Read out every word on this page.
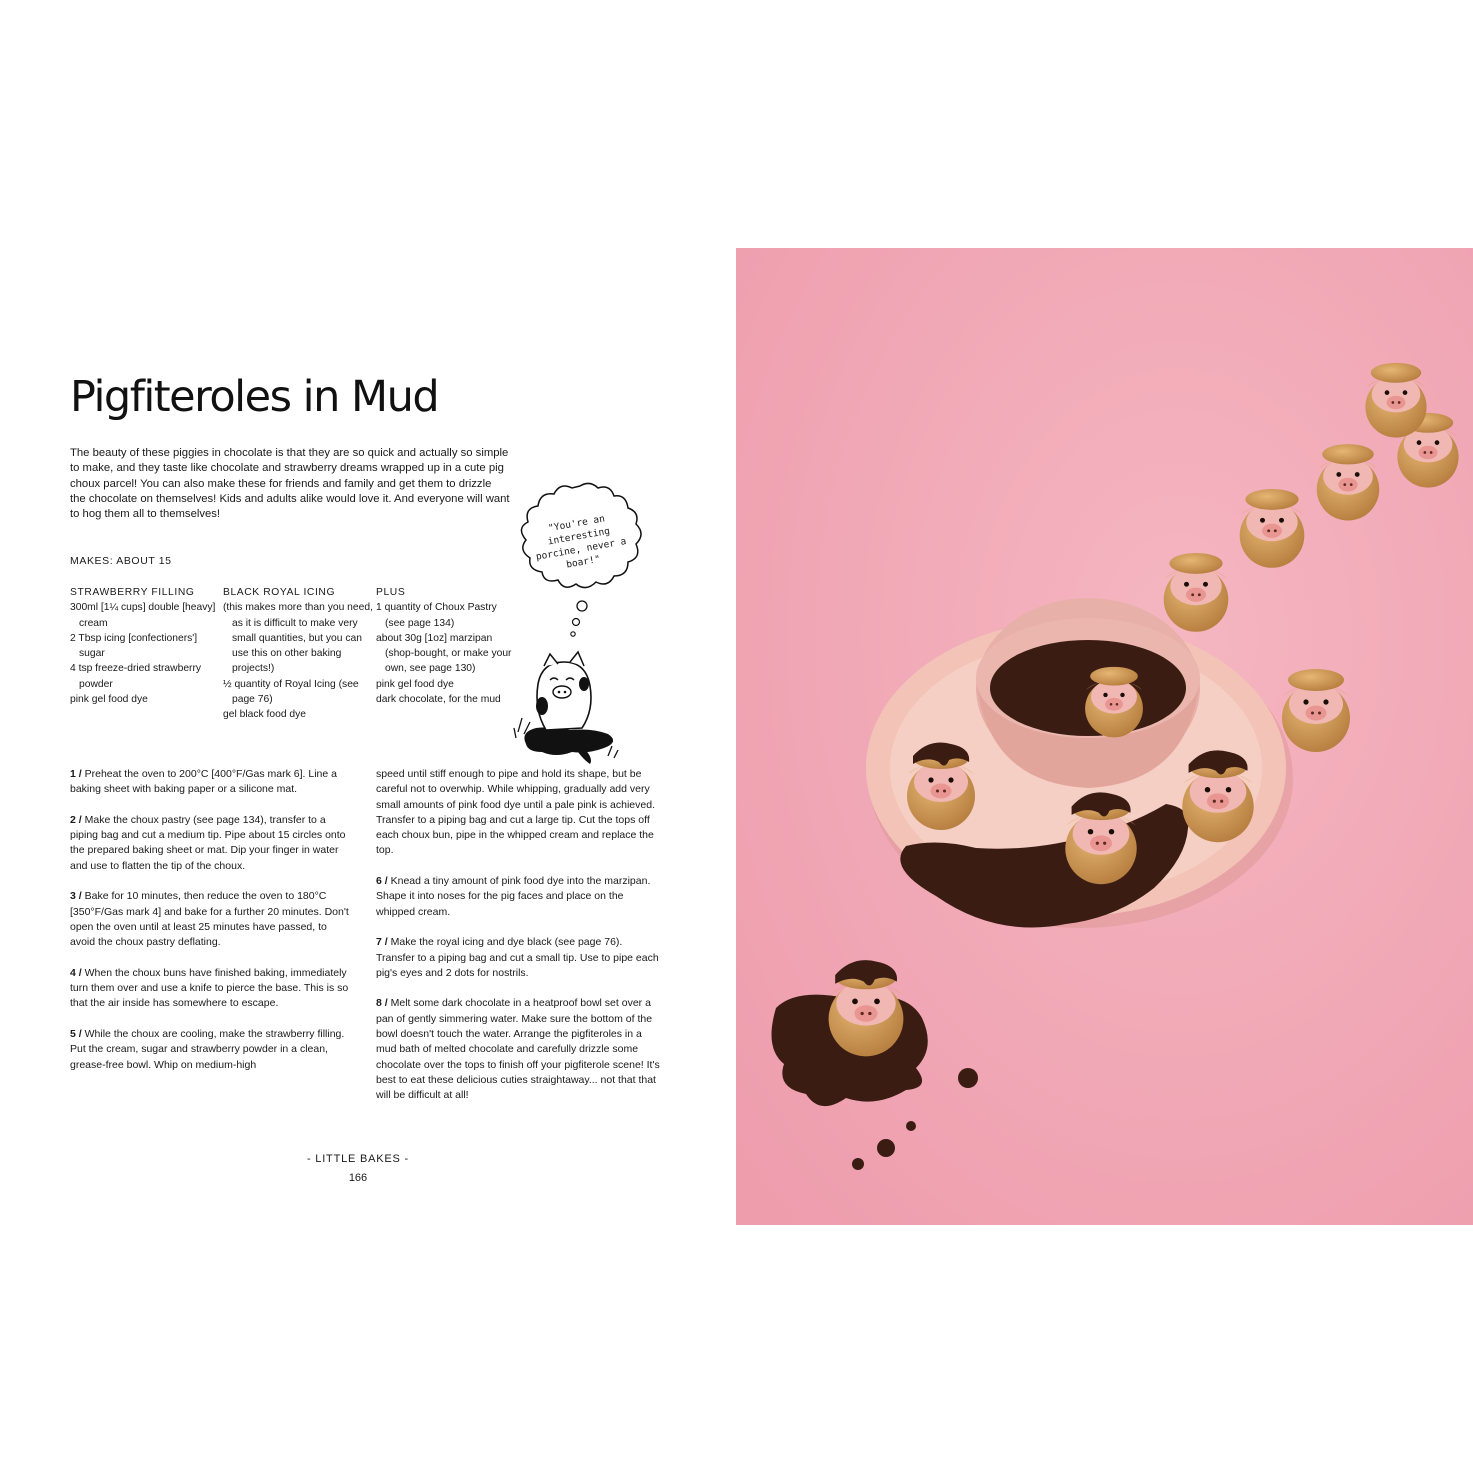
Pigfiteroles in Mud

The beauty of these piggies in chocolate is that they are so quick and actually so simple to make, and they taste like chocolate and strawberry dreams wrapped up in a cute pig choux parcel! You can also make these for friends and family and get them to drizzle the chocolate on themselves! Kids and adults alike would love it. And everyone will want to hog them all to themselves!

MAKES: ABOUT 15

STRAWBERRY FILLING
300ml [1¼ cups] double [heavy] cream
2 Tbsp icing [confectioners'] sugar
4 tsp freeze-dried strawberry powder
pink gel food dye
BLACK ROYAL ICING
(this makes more than you need, as it is difficult to make very small quantities, but you can use this on other baking projects!)
½ quantity of Royal Icing (see page 76)
gel black food dye
PLUS
1 quantity of Choux Pastry (see page 134)
about 30g [1oz] marzipan (shop-bought, or make your own, see page 130)
pink gel food dye
dark chocolate, for the mud
"You're an interesting porcine, never a boar!"

1 / Preheat the oven to 200°C [400°F/Gas mark 6]. Line a baking sheet with baking paper or a silicone mat.

2 / Make the choux pastry (see page 134), transfer to a piping bag and cut a medium tip. Pipe about 15 circles onto the prepared baking sheet or mat. Dip your finger in water and use to flatten the tip of the choux.

3 / Bake for 10 minutes, then reduce the oven to 180°C [350°F/Gas mark 4] and bake for a further 20 minutes. Don't open the oven until at least 25 minutes have passed, to avoid the choux pastry deflating.

4 / When the choux buns have finished baking, immediately turn them over and use a knife to pierce the base. This is so that the air inside has somewhere to escape.

5 / While the choux are cooling, make the strawberry filling. Put the cream, sugar and strawberry powder in a clean, grease-free bowl. Whip on medium-high

speed until stiff enough to pipe and hold its shape, but be careful not to overwhip. While whipping, gradually add very small amounts of pink food dye until a pale pink is achieved. Transfer to a piping bag and cut a large tip. Cut the tops off each choux bun, pipe in the whipped cream and replace the top.

6 / Knead a tiny amount of pink food dye into the marzipan. Shape it into noses for the pig faces and place on the whipped cream.

7 / Make the royal icing and dye black (see page 76). Transfer to a piping bag and cut a small tip. Use to pipe each pig's eyes and 2 dots for nostrils.

8 / Melt some dark chocolate in a heatproof bowl set over a pan of gently simmering water. Make sure the bottom of the bowl doesn't touch the water. Arrange the pigfiteroles in a mud bath of melted chocolate and carefully drizzle some chocolate over the tops to finish off your pigfiterole scene! It's best to eat these delicious cuties straightaway... not that that will be difficult at all!

- LITTLE BAKES -

166
